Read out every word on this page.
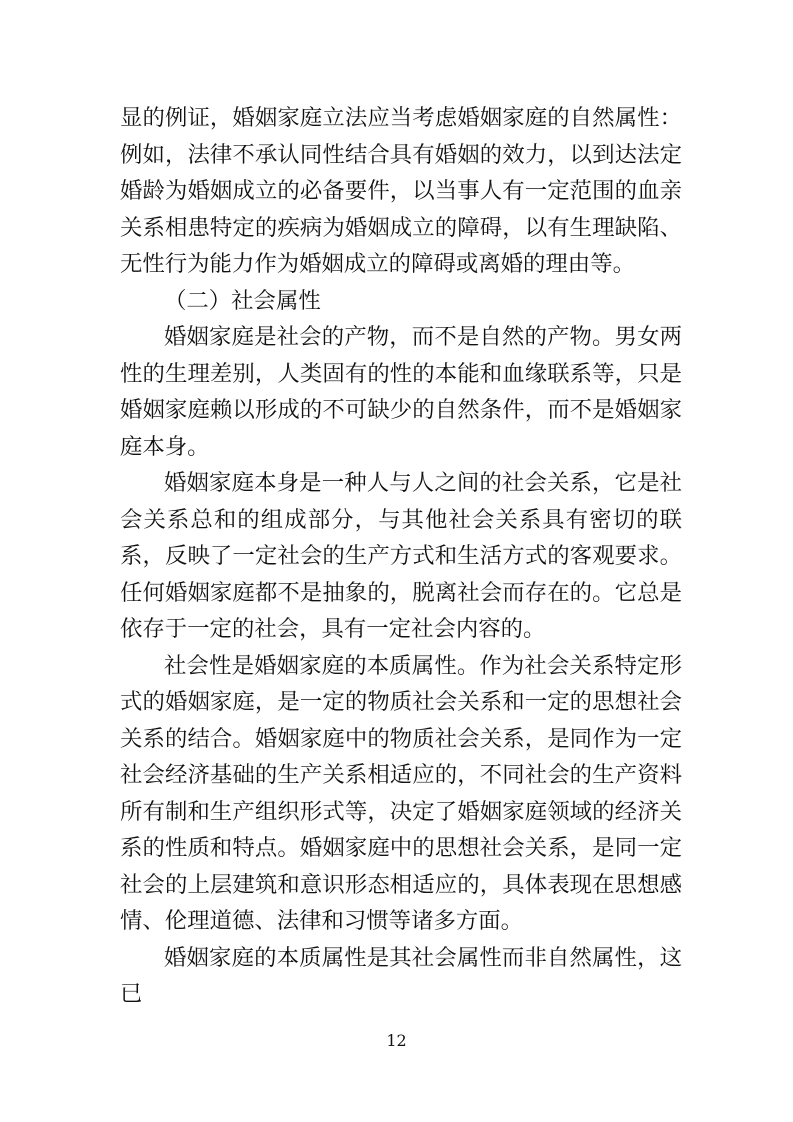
显的例证，婚姻家庭立法应当考虑婚姻家庭的自然属性：例如，法律不承认同性结合具有婚姻的效力，以到达法定婚龄为婚姻成立的必备要件，以当事人有一定范围的血亲关系相患特定的疾病为婚姻成立的障碍，以有生理缺陷、无性行为能力作为婚姻成立的障碍或离婚的理由等。

（二）社会属性

婚姻家庭是社会的产物，而不是自然的产物。男女两性的生理差别，人类固有的性的本能和血缘联系等，只是婚姻家庭赖以形成的不可缺少的自然条件，而不是婚姻家庭本身。

婚姻家庭本身是一种人与人之间的社会关系，它是社会关系总和的组成部分，与其他社会关系具有密切的联系，反映了一定社会的生产方式和生活方式的客观要求。任何婚姻家庭都不是抽象的，脱离社会而存在的。它总是依存于一定的社会，具有一定社会内容的。

社会性是婚姻家庭的本质属性。作为社会关系特定形式的婚姻家庭，是一定的物质社会关系和一定的思想社会关系的结合。婚姻家庭中的物质社会关系，是同作为一定社会经济基础的生产关系相适应的，不同社会的生产资料所有制和生产组织形式等，决定了婚姻家庭领域的经济关系的性质和特点。婚姻家庭中的思想社会关系，是同一定社会的上层建筑和意识形态相适应的，具体表现在思想感情、伦理道德、法律和习惯等诸多方面。

婚姻家庭的本质属性是其社会属性而非自然属性，这已

12
